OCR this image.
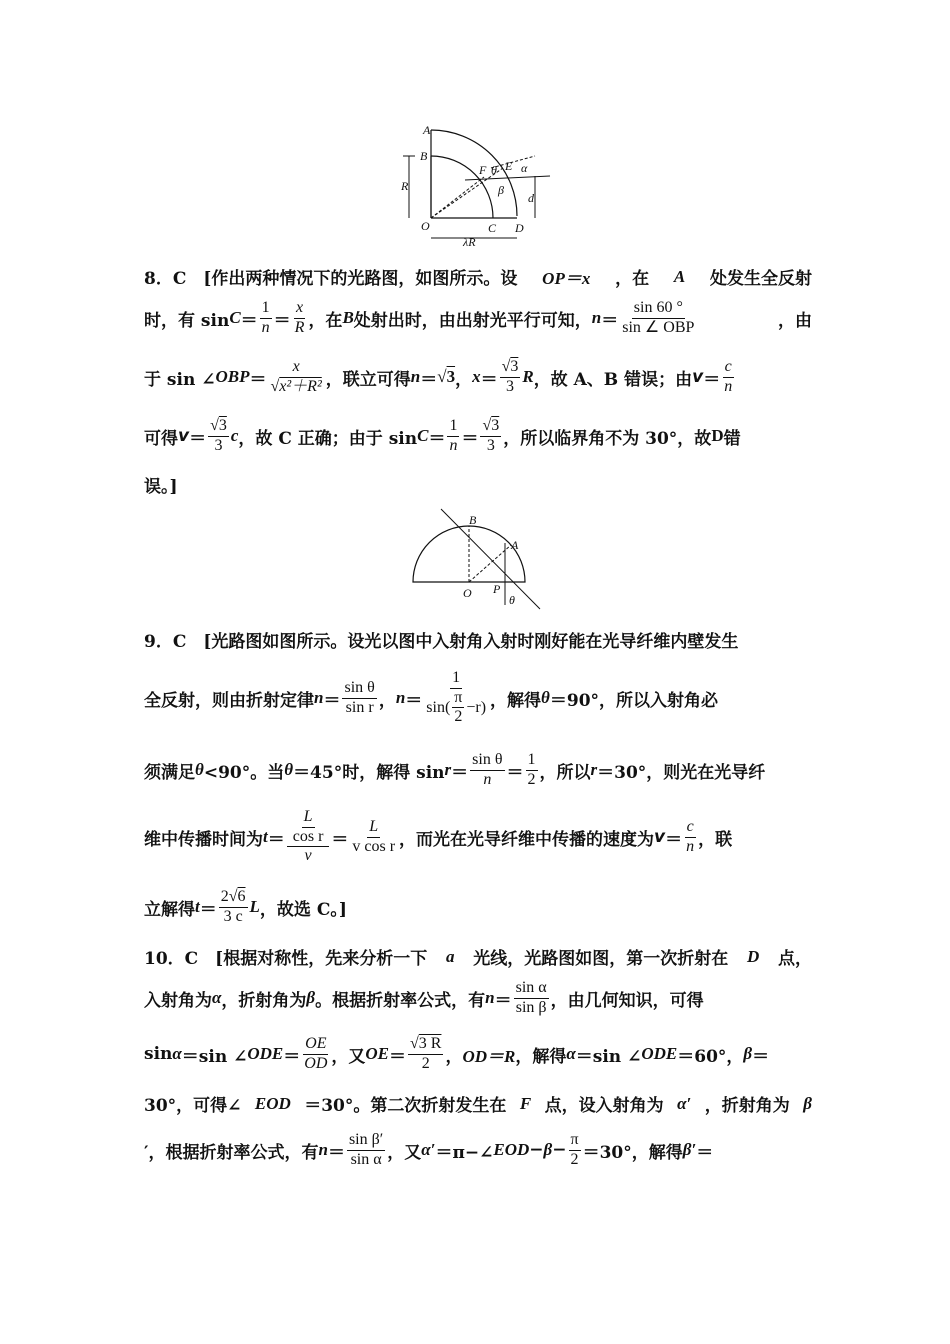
A
B
R
O	C D
λR
F E
θ
β
α
d
8．C　[作出两种情况下的光路图，如图所示。设 OP＝x ，在 A 处发生全反射
时，有 $\sin C = \frac{1}{n} = \frac{x}{R}$ ，在 B 处射出时，由出射光平行可知， $n = \frac{\sin 60 ^\circ}{\text{sin ∠ OBP}}$	，由
于 sin ∠ OBP ＝ $\frac{x}{\text{√x²＋R²}}$ ，联立可得 n ＝ √3 ， $x = \frac{√3}{3}$ R ，故 A、B 错误；由 $v = \frac{c}{n}$
可得 $v = \frac{√3}{3}$ c ，故 C 正确；由于 $\sin C = \frac{1}{n} = \frac{√3}{3}$ ，所以临界角不为 30°，故 D 错
误。]
B
A
O P
θ
9．C　[光路图如图所示。设光以图中入射角入射时刚好能在光导纤维内壁发生
全反射，则由折射定律 $n = \frac{\text{sin θ}}{\text{sin r}}$ ， $n = \frac{1}{\sin( \frac{\pi}{2} -r)}$ ，解得 θ ＝90°，所以入射角必
须满足 θ <90°。当 θ ＝45°时，解得 $\sin r = \frac{\text{sin θ}}{n} = \frac{1}{2}$ ，所以 r ＝30°，则光在光导纤
维中传播时间为 $t = \frac{\frac{L}{\text{cos r}}}{v} = \frac{L}{\text{v cos r}}$ ，而光在光导纤维中传播的速度为 $v = \frac{c}{n}$ ，联
立解得 $t = \frac{2√6}{3 c}$ L ，故选 C。]
10．C　[根据对称性，先来分析一下 a 光线，光路图如图，第一次折射在 D 点，
入射角为 α ，折射角为 β 。根据折射率公式，有 $n = \frac{\text{sin α}}{\text{sin β}}$ ，由几何知识，可得
sin α ＝sin ∠ ODE ＝ $\frac{OE}{OD}$ ，又 OE ＝ $\frac{√3 R}{2}$ ， OD＝R ，解得 α ＝sin ∠ ODE ＝60°， β ＝
30°，可得∠ EOD ＝30°。第二次折射发生在 F 点，设入射角为 α′ ，折射角为 β
′，根据折射率公式，有 $n = \frac{\text{sin β′}}{\text{sin α}}$ ，又 α′ ＝π−∠ EOD − $\beta - \frac{\pi}{2} =30^\circ$，解得 β′ ＝
